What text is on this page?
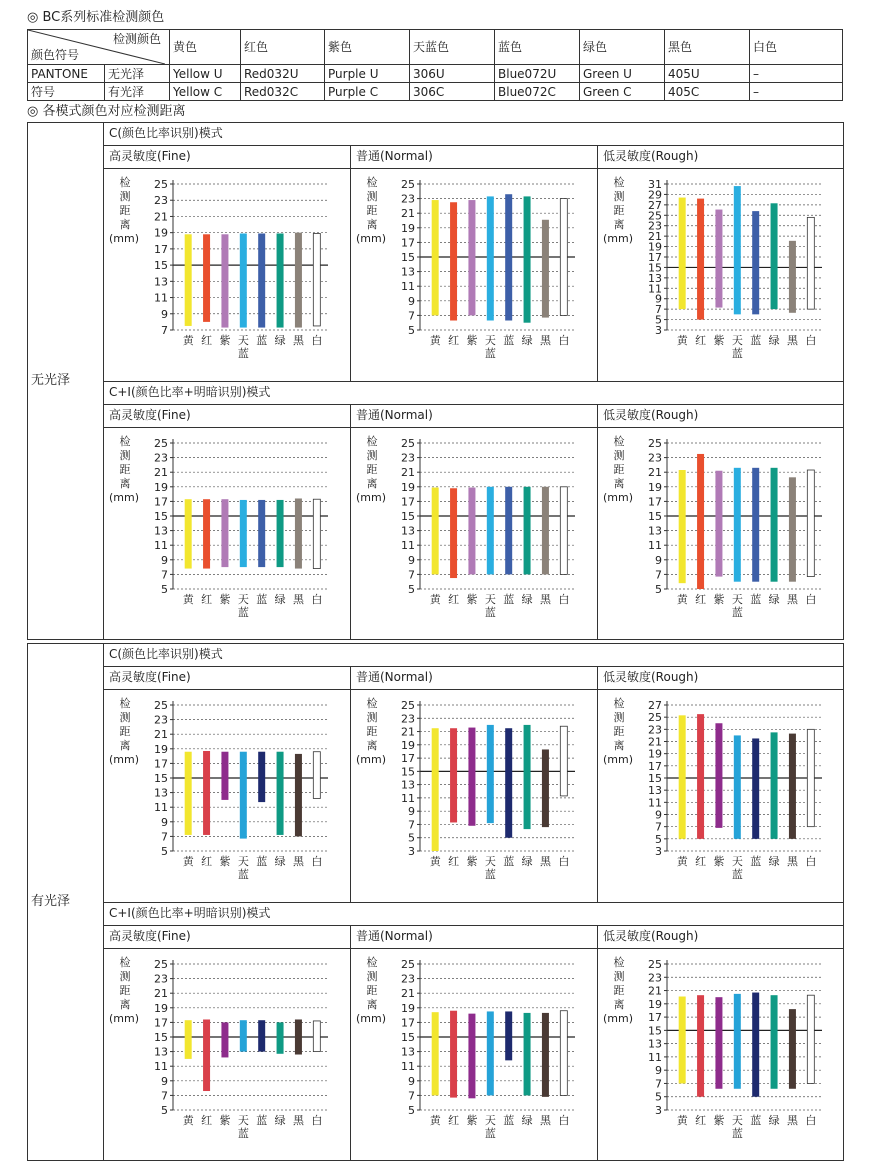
◎ BC系列标准检测颜色
检测颜色
颜色符号		黄色	红色	紫色	天蓝色	蓝色	绿色	黑色	白色
PANTONE	无光泽	Yellow U	Red032U	Purple U	306U	Blue072U	Green U	405U	–
符号	有光泽	Yellow C	Red032C	Purple C	306C	Blue072C	Green C	405C	–
◎ 各模式颜色对应检测距离
无光泽
C(颜色比率识别)模式
高灵敏度(Fine)
检
测
距
离
(mm)
7
9
11
13
15
17
19
21
23
25
黄 红 紫 天
蓝
蓝 绿 黑 白
普通(Normal)
检
测
距
离
(mm)
5
7
9
11
13
15
17
19
21
23
25
黄 红 紫 天
蓝
蓝 绿 黑 白
低灵敏度(Rough)
检
测
距
离
(mm)
3
5
7
9
11
13
15
17
19
21
23
25
27
29
31
黄 红 紫 天
蓝
蓝 绿 黑 白
C+I(颜色比率+明暗识别)模式
高灵敏度(Fine)
检
测
距
离
(mm)
5
7
9
11
13
15
17
19
21
23
25
黄 红 紫 天
蓝
蓝 绿 黑 白
普通(Normal)
检
测
距
离
(mm)
5
7
9
11
13
15
17
19
21
23
25
黄 红 紫 天
蓝
蓝 绿 黑 白
低灵敏度(Rough)
检
测
距
离
(mm)
5
7
9
11
13
15
17
19
21
23
25
黄 红 紫 天
蓝
蓝 绿 黑 白
有光泽
C(颜色比率识别)模式
高灵敏度(Fine)
检
测
距
离
(mm)
5
7
9
11
13
15
17
19
21
23
25
黄 红 紫 天
蓝
蓝 绿 黑 白
普通(Normal)
检
测
距
离
(mm)
3
5
7
9
11
13
15
17
19
21
23
25
黄 红 紫 天
蓝
蓝 绿 黑 白
低灵敏度(Rough)
检
测
距
离
(mm)
3
5
7
9
11
13
15
17
19
21
23
25
27
黄 红 紫 天
蓝
蓝 绿 黑 白
C+I(颜色比率+明暗识别)模式
高灵敏度(Fine)
检
测
距
离
(mm)
5
7
9
11
13
15
17
19
21
23
25
黄 红 紫 天
蓝
蓝 绿 黑 白
普通(Normal)
检
测
距
离
(mm)
5
7
9
11
13
15
17
19
21
23
25
黄 红 紫 天
蓝
蓝 绿 黑 白
低灵敏度(Rough)
检
测
距
离
(mm)
3
5
7
9
11
13
15
17
19
21
23
25
黄 红 紫 天
蓝
蓝 绿 黑 白
